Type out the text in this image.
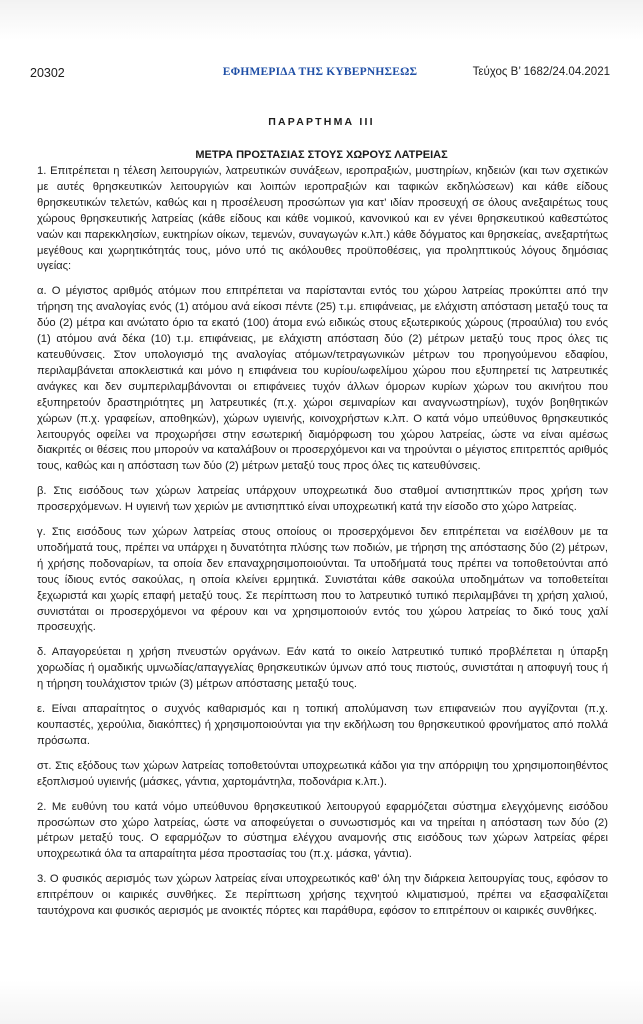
20302	ΕΦΗΜΕΡΙΔΑ ΤΗΣ ΚΥΒΕΡΝΗΣΕΩΣ	Τεύχος Β’ 1682/24.04.2021
ΠΑΡΑΡΤΗΜΑ ΙΙΙ
ΜΕΤΡΑ ΠΡΟΣΤΑΣΙΑΣ ΣΤΟΥΣ ΧΩΡΟΥΣ ΛΑΤΡΕΙΑΣ

1. Επιτρέπεται η τέλεση λειτουργιών, λατρευτικών συνάξεων, ιεροπραξιών, μυστηρίων, κηδειών (και των σχετικών με αυτές θρησκευτικών λειτουργιών και λοιπών ιεροπραξιών και ταφικών εκδηλώσεων) και κάθε είδους θρησκευτικών τελετών, καθώς και η προσέλευση προσώπων για κατ’ ιδίαν προσευχή σε όλους ανεξαιρέτως τους χώρους θρησκευτικής λατρείας (κάθε είδους και κάθε νομικού, κανονικού και εν γένει θρησκευτικού καθεστώτος ναών και παρεκκλησίων, ευκτηρίων οίκων, τεμενών, συναγωγών κ.λπ.) κάθε δόγματος και θρησκείας, ανεξαρτήτως μεγέθους και χωρητικότητάς τους, μόνο υπό τις ακόλουθες προϋποθέσεις, για προληπτικούς λόγους δημόσιας υγείας:

α. Ο μέγιστος αριθμός ατόμων που επιτρέπεται να παρίστανται εντός του χώρου λατρείας προκύπτει από την τήρηση της αναλογίας ενός (1) ατόμου ανά είκοσι πέντε (25) τ.μ. επιφάνειας, με ελάχιστη απόσταση μεταξύ τους τα δύο (2) μέτρα και ανώτατο όριο τα εκατό (100) άτομα ενώ ειδικώς στους εξωτερικούς χώρους (προαύλια) του ενός (1) ατόμου ανά δέκα (10) τ.μ. επιφάνειας, με ελάχιστη απόσταση δύο (2) μέτρων μεταξύ τους προς όλες τις κατευθύνσεις. Στον υπολογισμό της αναλογίας ατόμων/τετραγωνικών μέτρων του προηγούμενου εδαφίου, περιλαμβάνεται αποκλειστικά και μόνο η επιφάνεια του κυρίου/ωφελίμου χώρου που εξυπηρετεί τις λατρευτικές ανάγκες και δεν συμπεριλαμβάνονται οι επιφάνειες τυχόν άλλων όμορων κυρίων χώρων του ακινήτου που εξυπηρετούν δραστηριότητες μη λατρευτικές (π.χ. χώροι σεμιναρίων και αναγνωστηρίων), τυχόν βοηθητικών χώρων (π.χ. γραφείων, αποθηκών), χώρων υγιεινής, κοινοχρήστων κ.λπ. Ο κατά νόμο υπεύθυνος θρησκευτικός λειτουργός οφείλει να προχωρήσει στην εσωτερική διαμόρφωση του χώρου λατρείας, ώστε να είναι αμέσως διακριτές οι θέσεις που μπορούν να καταλάβουν οι προσερχόμενοι και να τηρούνται ο μέγιστος επιτρεπτός αριθμός τους, καθώς και η απόσταση των δύο (2) μέτρων μεταξύ τους προς όλες τις κατευθύνσεις.

β. Στις εισόδους των χώρων λατρείας υπάρχουν υποχρεωτικά δυο σταθμοί αντισηπτικών προς χρήση των προσερχόμενων. Η υγιεινή των χεριών με αντισηπτικό είναι υποχρεωτική κατά την είσοδο στο χώρο λατρείας.

γ. Στις εισόδους των χώρων λατρείας στους οποίους οι προσερχόμενοι δεν επιτρέπεται να εισέλθουν με τα υποδήματά τους, πρέπει να υπάρχει η δυνατότητα πλύσης των ποδιών, με τήρηση της απόστασης δύο (2) μέτρων, ή χρήσης ποδοναρίων, τα οποία δεν επαναχρησιμοποιούνται. Τα υποδήματά τους πρέπει να τοποθετούνται από τους ίδιους εντός σακούλας, η οποία κλείνει ερμητικά. Συνιστάται κάθε σακούλα υποδημάτων να τοποθετείται ξεχωριστά και χωρίς επαφή μεταξύ τους. Σε περίπτωση που το λατρευτικό τυπικό περιλαμβάνει τη χρήση χαλιού, συνιστάται οι προσερχόμενοι να φέρουν και να χρησιμοποιούν εντός του χώρου λατρείας το δικό τους χαλί προσευχής.

δ. Απαγορεύεται η χρήση πνευστών οργάνων. Εάν κατά το οικείο λατρευτικό τυπικό προβλέπεται η ύπαρξη χορωδίας ή ομαδικής υμνωδίας/απαγγελίας θρησκευτικών ύμνων από τους πιστούς, συνιστάται η αποφυγή τους ή η τήρηση τουλάχιστον τριών (3) μέτρων απόστασης μεταξύ τους.

ε. Είναι απαραίτητος ο συχνός καθαρισμός και η τοπική απολύμανση των επιφανειών που αγγίζονται (π.χ. κουπαστές, χερούλια, διακόπτες) ή χρησιμοποιούνται για την εκδήλωση του θρησκευτικού φρονήματος από πολλά πρόσωπα.

στ. Στις εξόδους των χώρων λατρείας τοποθετούνται υποχρεωτικά κάδοι για την απόρριψη του χρησιμοποιηθέντος εξοπλισμού υγιεινής (μάσκες, γάντια, χαρτομάντηλα, ποδονάρια κ.λπ.).

2. Με ευθύνη του κατά νόμο υπεύθυνου θρησκευτικού λειτουργού εφαρμόζεται σύστημα ελεγχόμενης εισόδου προσώπων στο χώρο λατρείας, ώστε να αποφεύγεται ο συνωστισμός και να τηρείται η απόσταση των δύο (2) μέτρων μεταξύ τους. Ο εφαρμόζων το σύστημα ελέγχου αναμονής στις εισόδους των χώρων λατρείας φέρει υποχρεωτικά όλα τα απαραίτητα μέσα προστασίας του (π.χ. μάσκα, γάντια).

3. Ο φυσικός αερισμός των χώρων λατρείας είναι υποχρεωτικός καθ’ όλη την διάρκεια λειτουργίας τους, εφόσον το επιτρέπουν οι καιρικές συνθήκες. Σε περίπτωση χρήσης τεχνητού κλιματισμού, πρέπει να εξασφαλίζεται ταυτόχρονα και φυσικός αερισμός με ανοικτές πόρτες και παράθυρα, εφόσον το επιτρέπουν οι καιρικές συνθήκες.
